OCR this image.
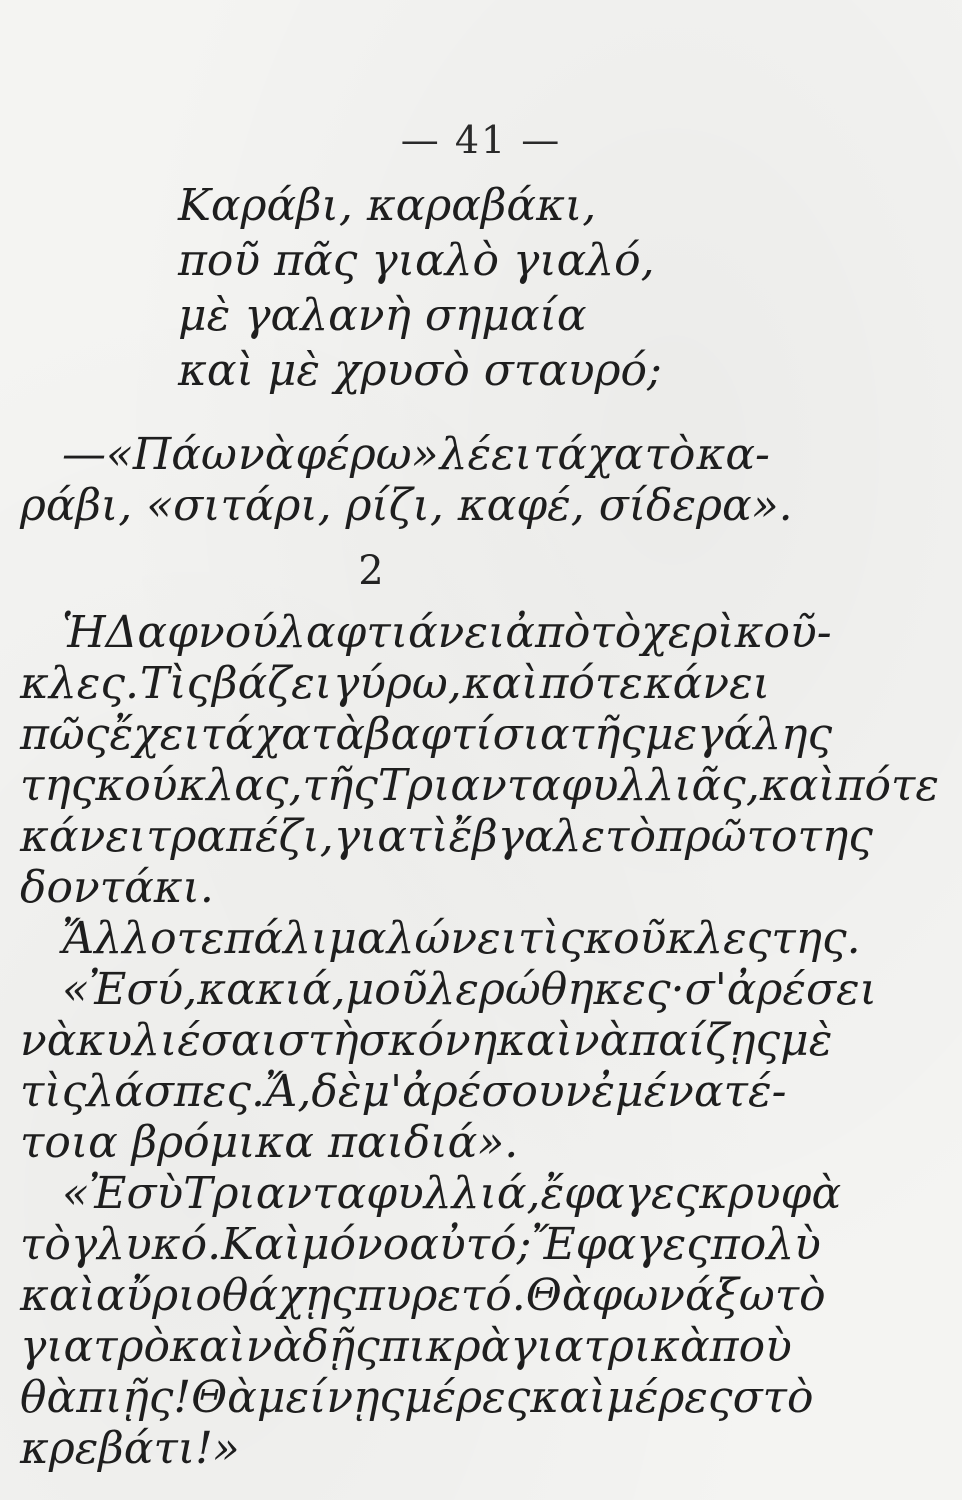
— 41 —
Καράβι, καραβάκι,
ποῦ πᾶς γιαλὸ γιαλό,
μὲ γαλανὴ σημαία
καὶ μὲ χρυσὸ σταυρό;
—«Πάω νὰ φέρω» λέει τάχα τὸ κα-
ράβι, «σιτάρι, ρίζι, καφέ, σίδερα».
2
Ἡ Δαφνούλα φτιάνει ἀπὸ τὸ χερὶ κοῦ-
κλες. Τὶς βάζει γύρω, καὶ πότε κάνει
πῶς ἔχει τάχα τὰ βαφτίσια τῆς μεγάλης
της κούκλας, τῆς Τριανταφυλλιᾶς, καὶ πότε
κάνει τραπέζι, γιατὶ ἔβγαλε τὸ πρῶτο της
δοντάκι.
Ἄλλοτε πάλι μαλώνει τὶς κοῦκλες της.
«Ἐσύ, κακιά, μοῦ λερώθηκες· σ' ἀρέσει
νὰ κυλιέσαι στὴ σκόνη καὶ νὰ παίζῃς μὲ
τὶς λάσπες. Ἄ, δὲ μ' ἀρέσουν ἐμένα τέ-
τοια βρόμικα παιδιά».
«Ἐσὺ Τριανταφυλλιά, ἔφαγες κρυφὰ
τὸ γλυκό. Καὶ μόνο αὐτό; Ἔφαγες πολὺ
καὶ αὔριο θάχῃς πυρετό. Θὰ φωνάξω τὸ
γιατρὸ καὶ νὰ δῇς πικρὰ γιατρικὰ ποὺ
θὰ πιῇς! Θὰ μείνῃς μέρες καὶ μέρες στὸ
κρεβάτι!»
